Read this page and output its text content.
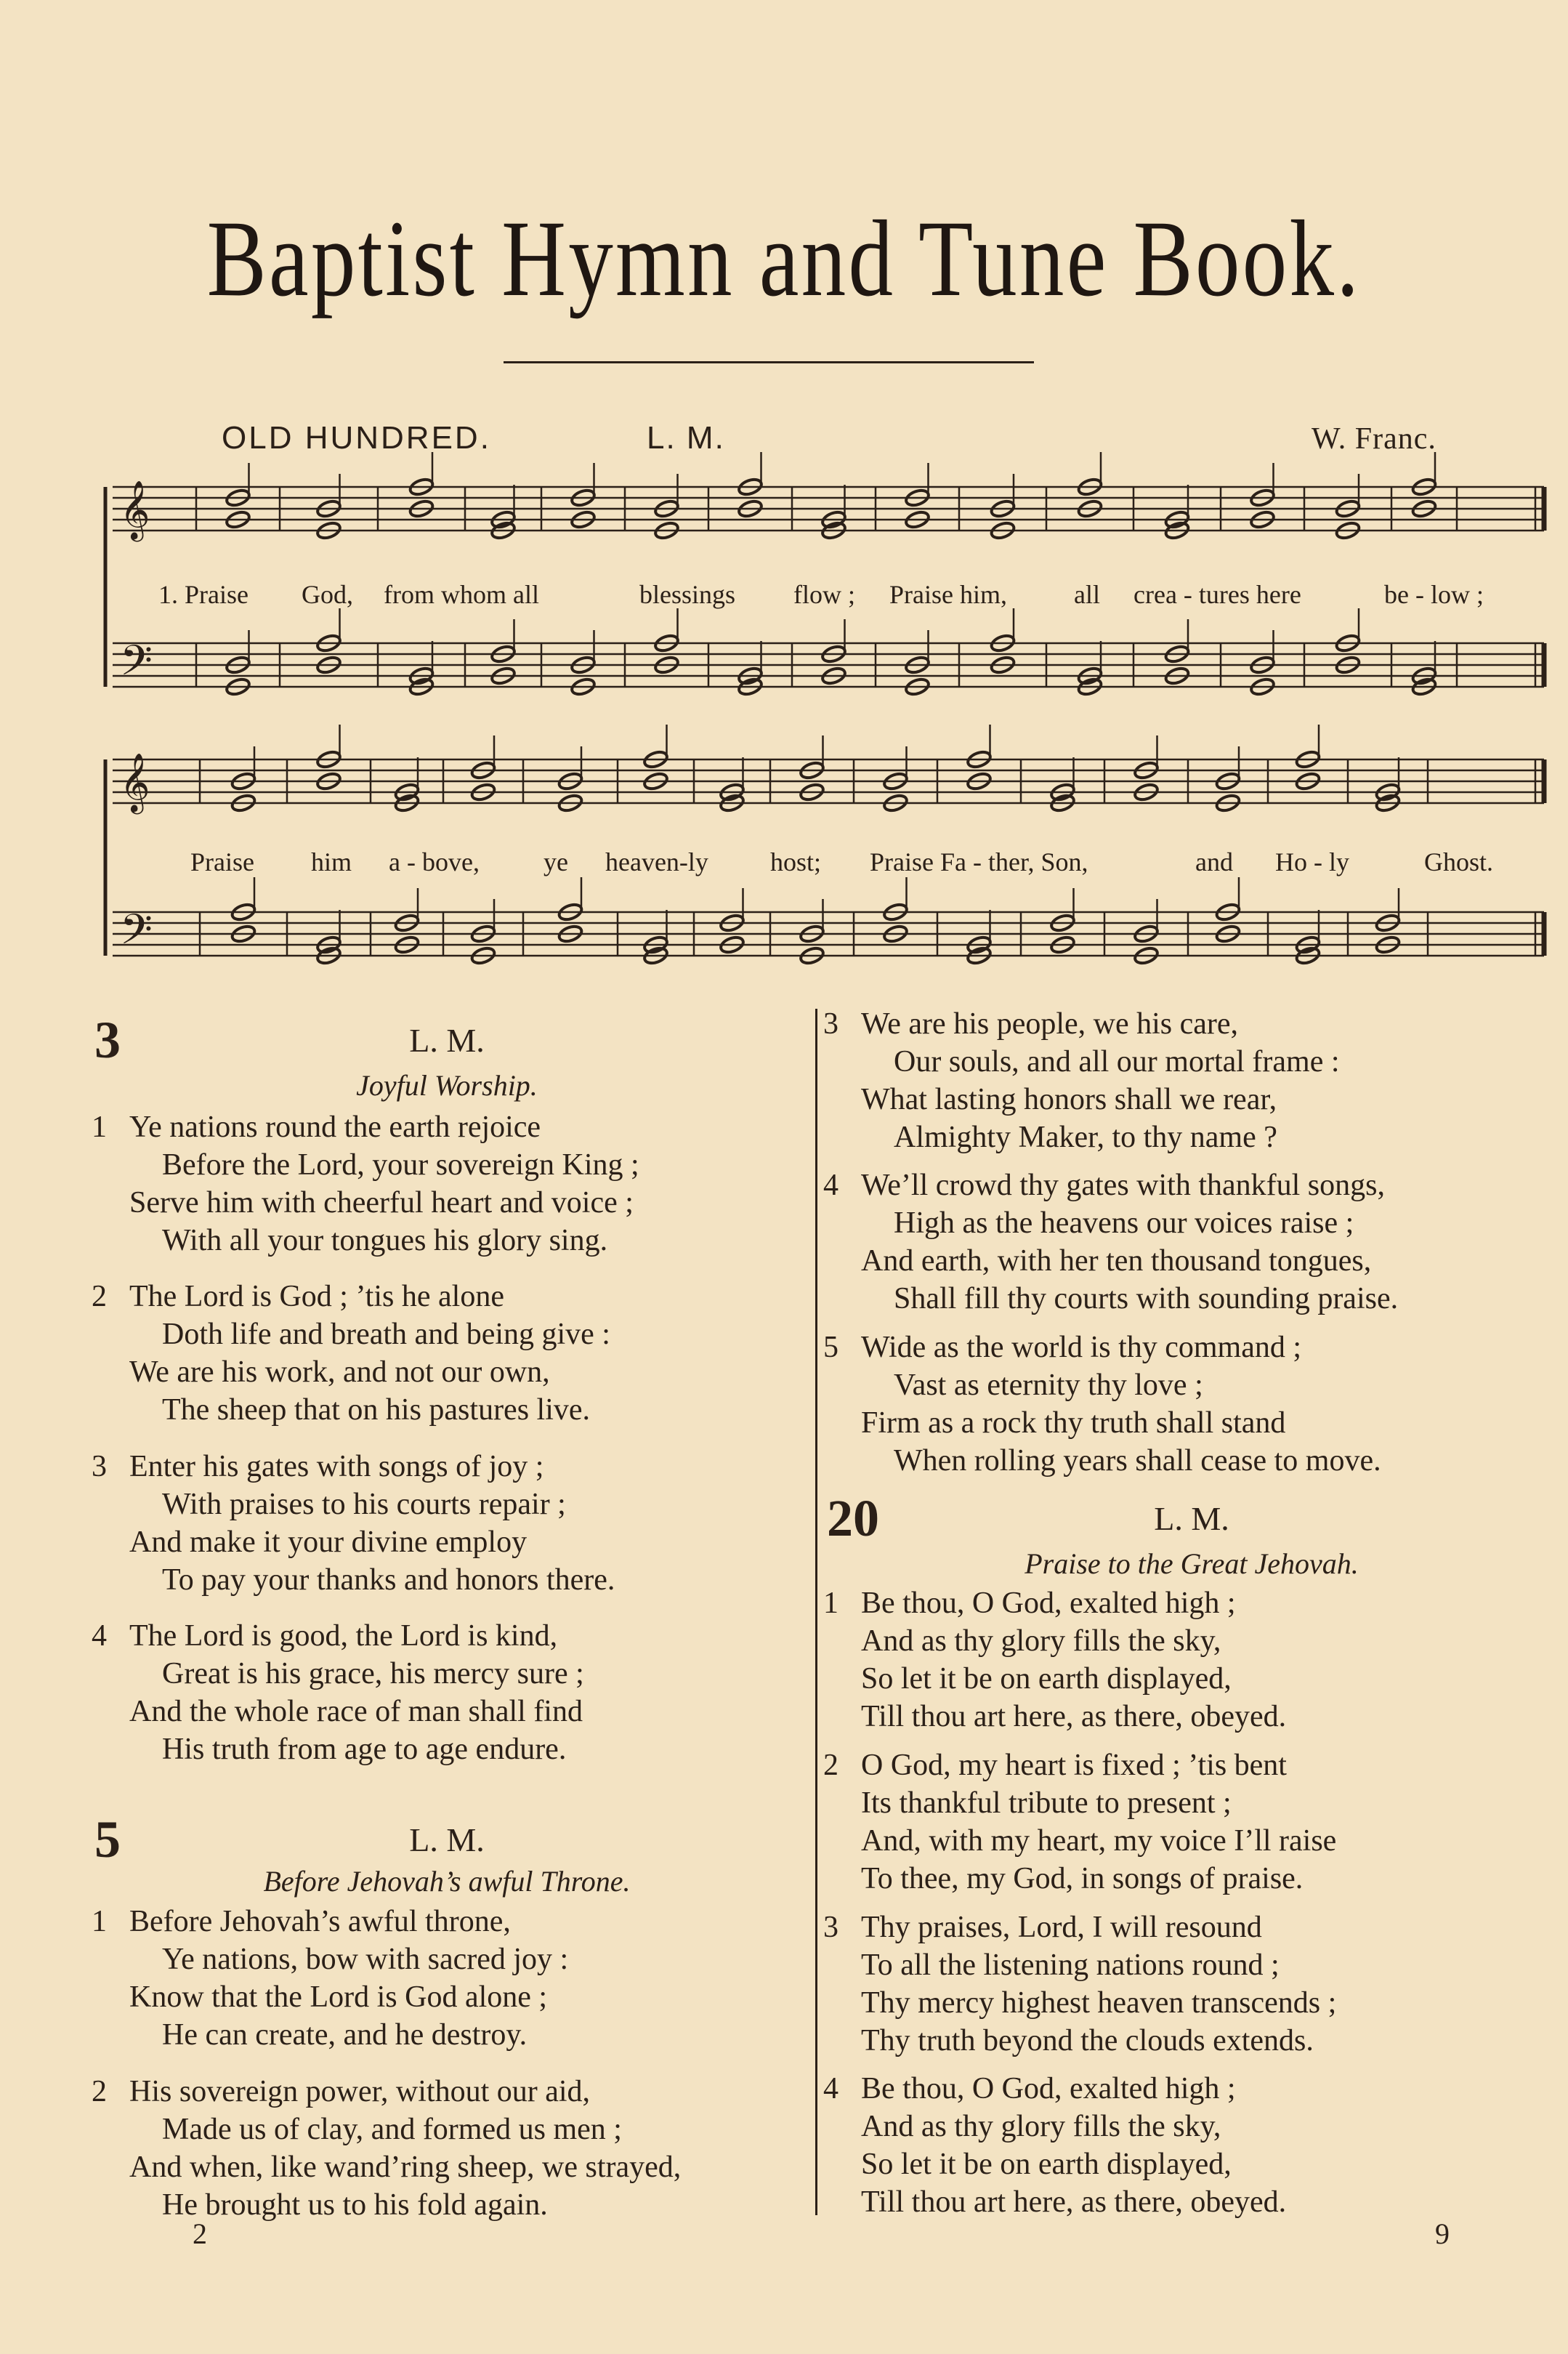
Baptist Hymn and Tune Book.
OLD HUNDRED.	L. M.	W. Franc.
𝄞
𝄢
𝄞
𝄢
1. Praise God, from whom all	blessings flow ; Praise him,	all crea - tures here	be - low ;
Praise him a - bove, ye heaven-ly host; Praise Fa - ther, Son,	and Ho - ly	Ghost.
3	L. M.
Joyful Worship.
1 Ye nations round the earth rejoice
Before the Lord, your sovereign King ;
Serve him with cheerful heart and voice ;
With all your tongues his glory sing.
2 The Lord is God ; ’tis he alone
Doth life and breath and being give :
We are his work, and not our own,
The sheep that on his pastures live.
3 Enter his gates with songs of joy ;
With praises to his courts repair ;
And make it your divine employ
To pay your thanks and honors there.
4 The Lord is good, the Lord is kind,
Great is his grace, his mercy sure ;
And the whole race of man shall find
His truth from age to age endure.
5	L. M.
Before Jehovah’s awful Throne.
1 Before Jehovah’s awful throne,
Ye nations, bow with sacred joy :
Know that the Lord is God alone ;
He can create, and he destroy.
2 His sovereign power, without our aid,
Made us of clay, and formed us men ;
And when, like wand’ring sheep, we strayed,
He brought us to his fold again.
3 We are his people, we his care,
Our souls, and all our mortal frame :
What lasting honors shall we rear,
Almighty Maker, to thy name ?
4 We’ll crowd thy gates with thankful songs,
High as the heavens our voices raise ;
And earth, with her ten thousand tongues,
Shall fill thy courts with sounding praise.
5 Wide as the world is thy command ;
Vast as eternity thy love ;
Firm as a rock thy truth shall stand
When rolling years shall cease to move.
20	L. M.
Praise to the Great Jehovah.
1 Be thou, O God, exalted high ;
And as thy glory fills the sky,
So let it be on earth displayed,
Till thou art here, as there, obeyed.
2 O God, my heart is fixed ; ’tis bent
Its thankful tribute to present ;
And, with my heart, my voice I’ll raise
To thee, my God, in songs of praise.
3 Thy praises, Lord, I will resound
To all the listening nations round ;
Thy mercy highest heaven transcends ;
Thy truth beyond the clouds extends.
4 Be thou, O God, exalted high ;
And as thy glory fills the sky,
So let it be on earth displayed,
Till thou art here, as there, obeyed.
2	9
